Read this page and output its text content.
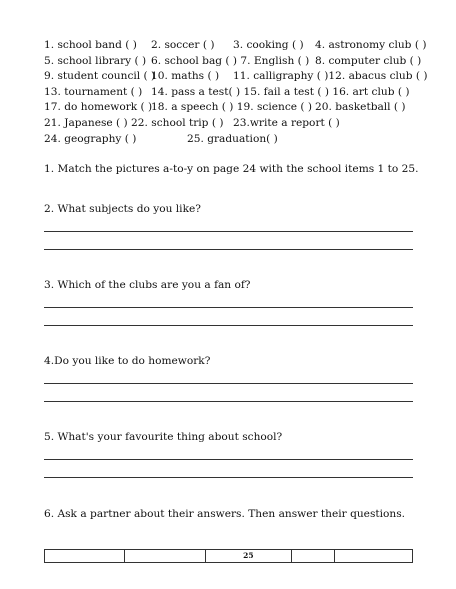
1. school band ( ) 2. soccer ( ) 3. cooking ( ) 4. astronomy club ( )
5. school library ( ) 6. school bag ( ) 7. English ( ) 8. computer club ( )
9. student council ( )
10. maths ( ) 11. calligraphy ( )12. abacus club ( )
13. tournament ( ) 14. pass a test( ) 15. fail a test ( ) 16. art club ( )
17. do homework ( )
18. a speech ( ) 19. science ( ) 20. basketball ( )
21. Japanese ( ) 22. school trip ( ) 23.write a report ( )
24. geography ( )	25. graduation( )
1. Match the pictures a-to-y on page 24 with the school items 1 to 25.
2. What subjects do you like?
3. Which of the clubs are you a fan of?
4.Do you like to do homework?
5. What's your favourite thing about school?
6. Ask a partner about their answers. Then answer their questions.
25
